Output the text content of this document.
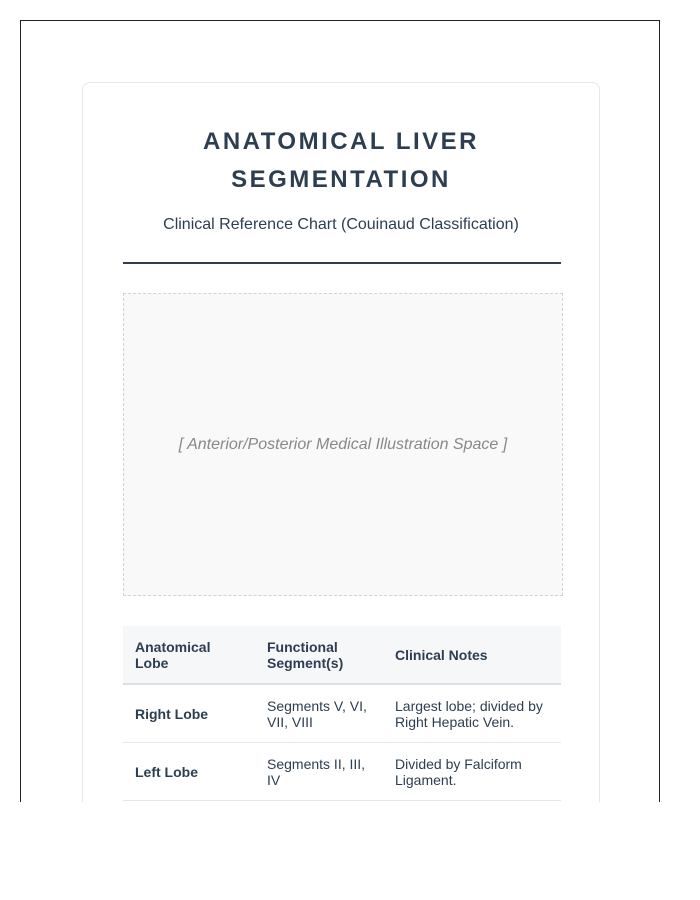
ANATOMICAL LIVER
SEGMENTATION
Clinical Reference Chart (Couinaud Classification)
[ Anterior/Posterior Medical Illustration Space ]
Anatomical Lobe	Functional Segment(s)	Clinical Notes
Right Lobe	Segments V, VI, VII, VIII	Largest lobe; divided by Right Hepatic Vein.
Left Lobe	Segments II, III, IV	Divided by Falciform Ligament.
